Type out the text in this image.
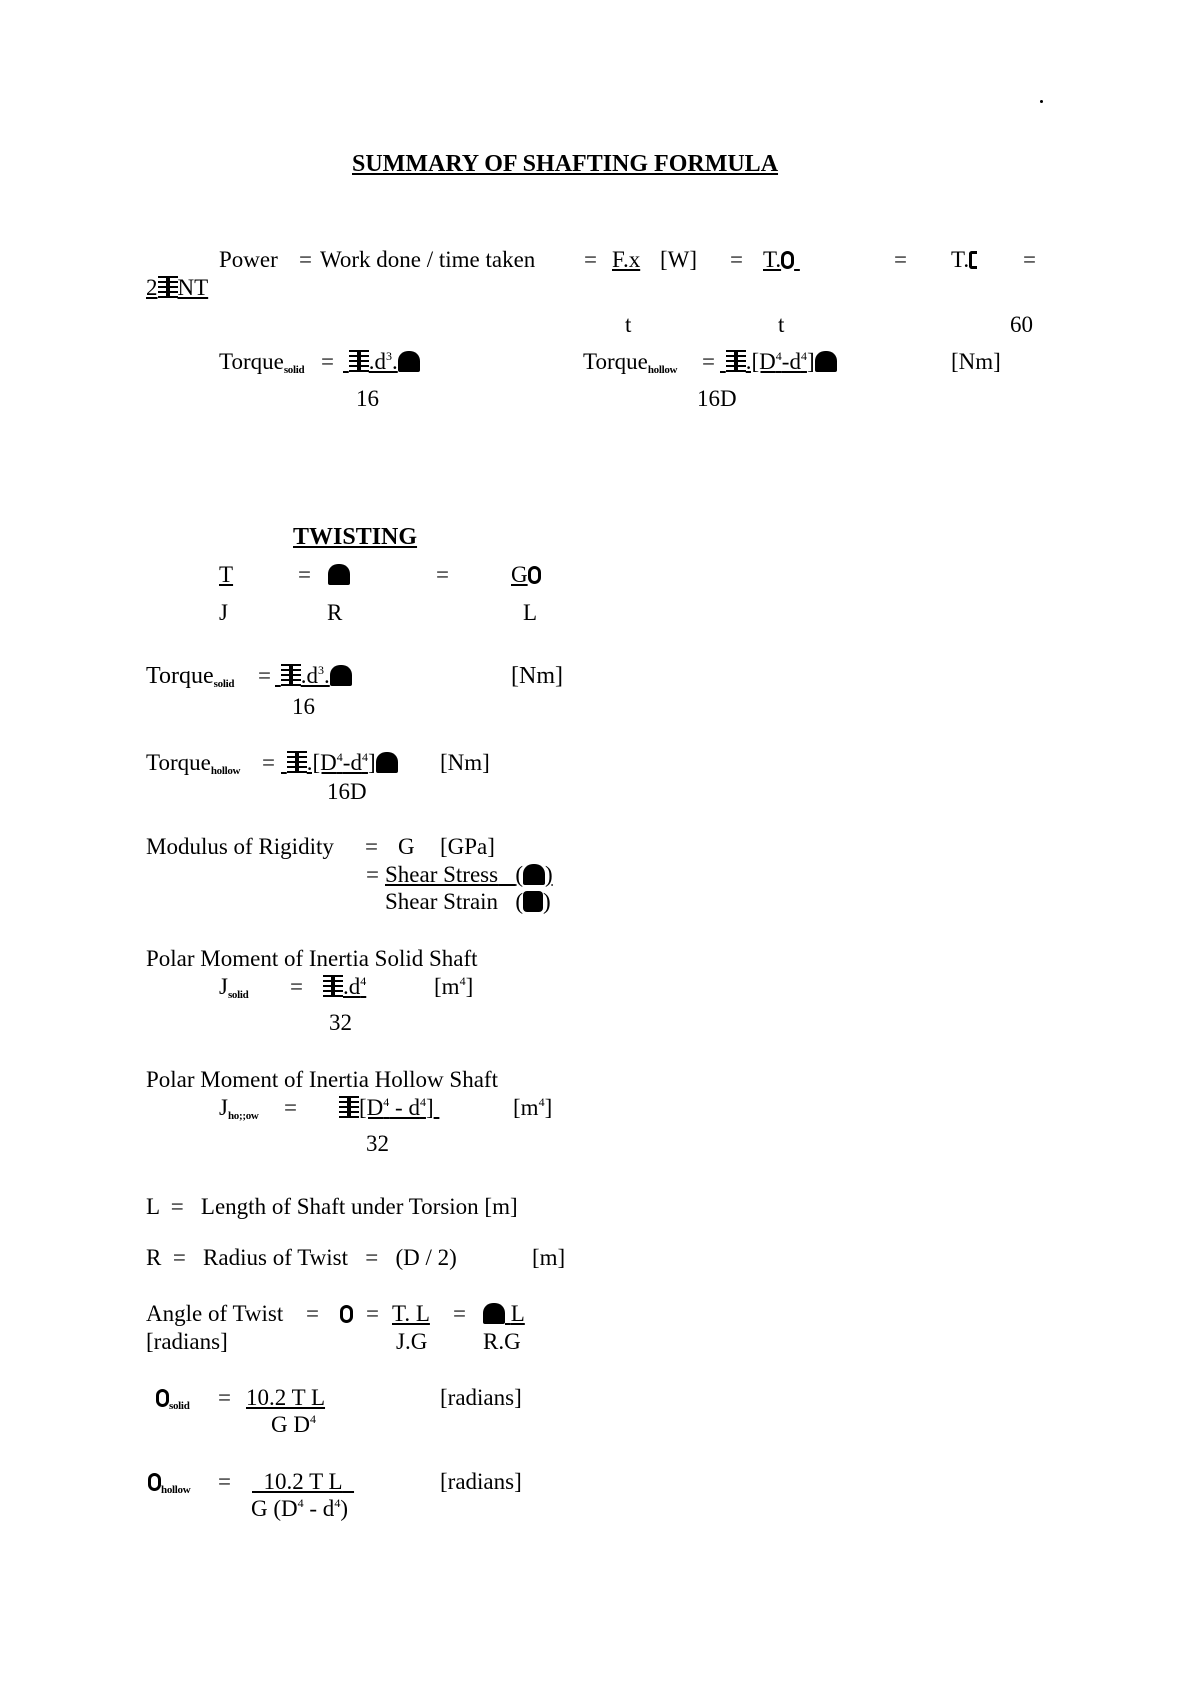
SUMMARY OF SHAFTING FORMULA
Power = Work done / time taken = F.x [W] = T.	= T.	=
2 NT
t	t	60
Torquesolid =	$.d^3$.
16
Torquehollow =	$.[D^4-d^4]$
16D
[Nm]
TWISTING
T	=	=	G
J	R	L
Torquesolid =	$.d^3$.	[Nm]
16
Torquehollow =	$.[D^4-d^4]$	[Nm]
16D
Modulus of Rigidity = G [GPa]
= Shear Stress ( )
Shear Strain ( )
Polar Moment of Inertia Solid Shaft
Jsolid =	$.d^4$	$[m^4]$
32
Polar Moment of Inertia Hollow Shaft
Jho;;ow =	$[D^4 - d^4]$	$[m^4]$
32
L  =   Length of Shaft under Torsion [m]
R  =   Radius of Twist   =   (D / 2)	[m]
Angle of Twist = = T. L =	L
[radians]	J.G R.G
solid = 10.2 T L	[radians]
G $D^4$
hollow =	10.2 T L	[radians]
G $(D^4 - d^4)$
